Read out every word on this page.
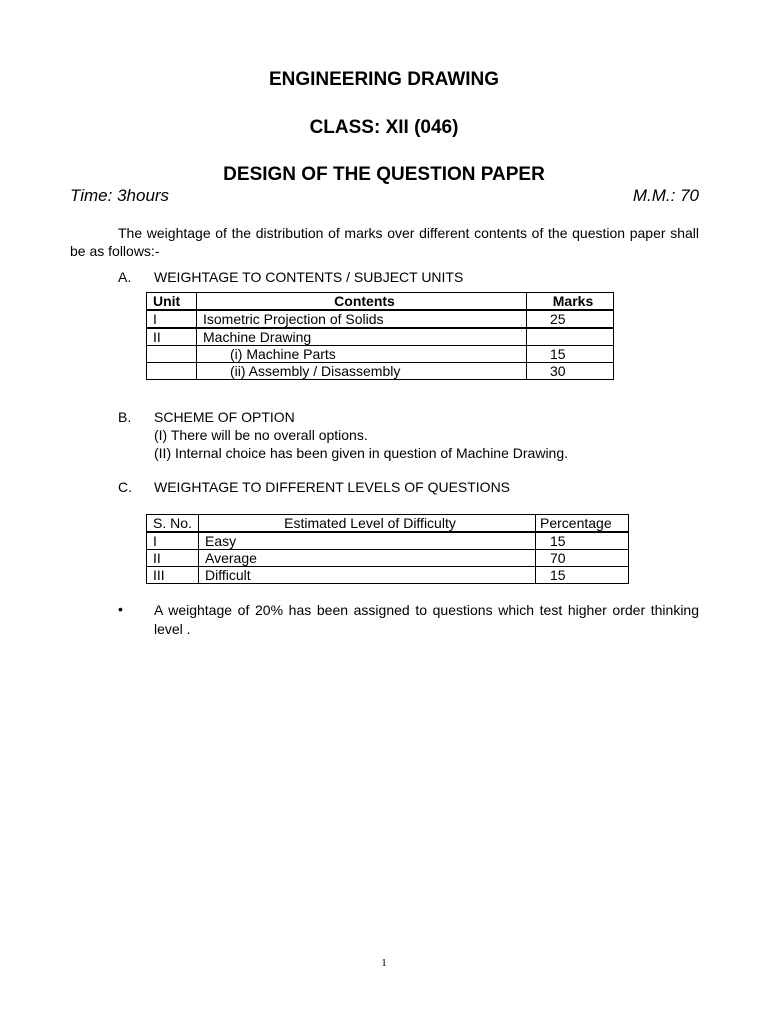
ENGINEERING DRAWING
CLASS: XII (046)
DESIGN OF THE QUESTION PAPER
Time: 3hours	M.M.: 70
The weightage of the distribution of marks over different contents of the question paper shall be as follows:-
A. WEIGHTAGE TO CONTENTS / SUBJECT UNITS
Unit	Contents	Marks
I	Isometric Projection of Solids	25
II	Machine Drawing	
	(i) Machine Parts	15
	(ii) Assembly / Disassembly	30
B. SCHEME OF OPTION
(I) There will be no overall options.
(II) Internal choice has been given in question of Machine Drawing.
C. WEIGHTAGE TO DIFFERENT LEVELS OF QUESTIONS
S. No.	Estimated Level of Difficulty	Percentage
I	Easy	15
II	Average	70
III	Difficult	15
• A weightage of 20% has been assigned to questions which test higher order thinking level .
1
